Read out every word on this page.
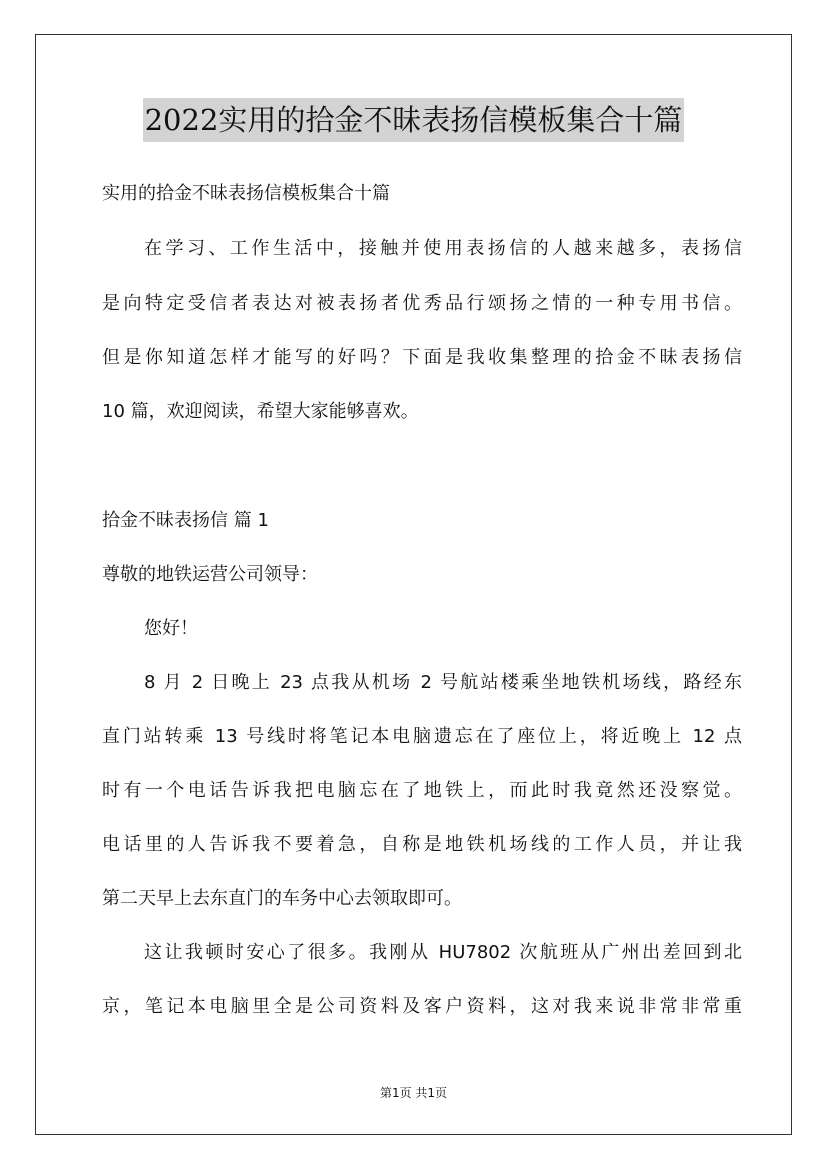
2022实用的拾金不昧表扬信模板集合十篇
实用的拾金不昧表扬信模板集合十篇
在学习、工作生活中，接触并使用表扬信的人越来越多，表扬信
是向特定受信者表达对被表扬者优秀品行颂扬之情的一种专用书信。
但是你知道怎样才能写的好吗？下面是我收集整理的拾金不昧表扬信
10 篇，欢迎阅读，希望大家能够喜欢。
拾金不昧表扬信 篇 1
尊敬的地铁运营公司领导：
您好！
8 月 2 日晚上 23 点我从机场 2 号航站楼乘坐地铁机场线，路经东
直门站转乘 13 号线时将笔记本电脑遗忘在了座位上，将近晚上 12 点
时有一个电话告诉我把电脑忘在了地铁上，而此时我竟然还没察觉。
电话里的人告诉我不要着急，自称是地铁机场线的工作人员，并让我
第二天早上去东直门的车务中心去领取即可。
这让我顿时安心了很多。我刚从 HU7802 次航班从广州出差回到北
京，笔记本电脑里全是公司资料及客户资料，这对我来说非常非常重
第1页 共1页
